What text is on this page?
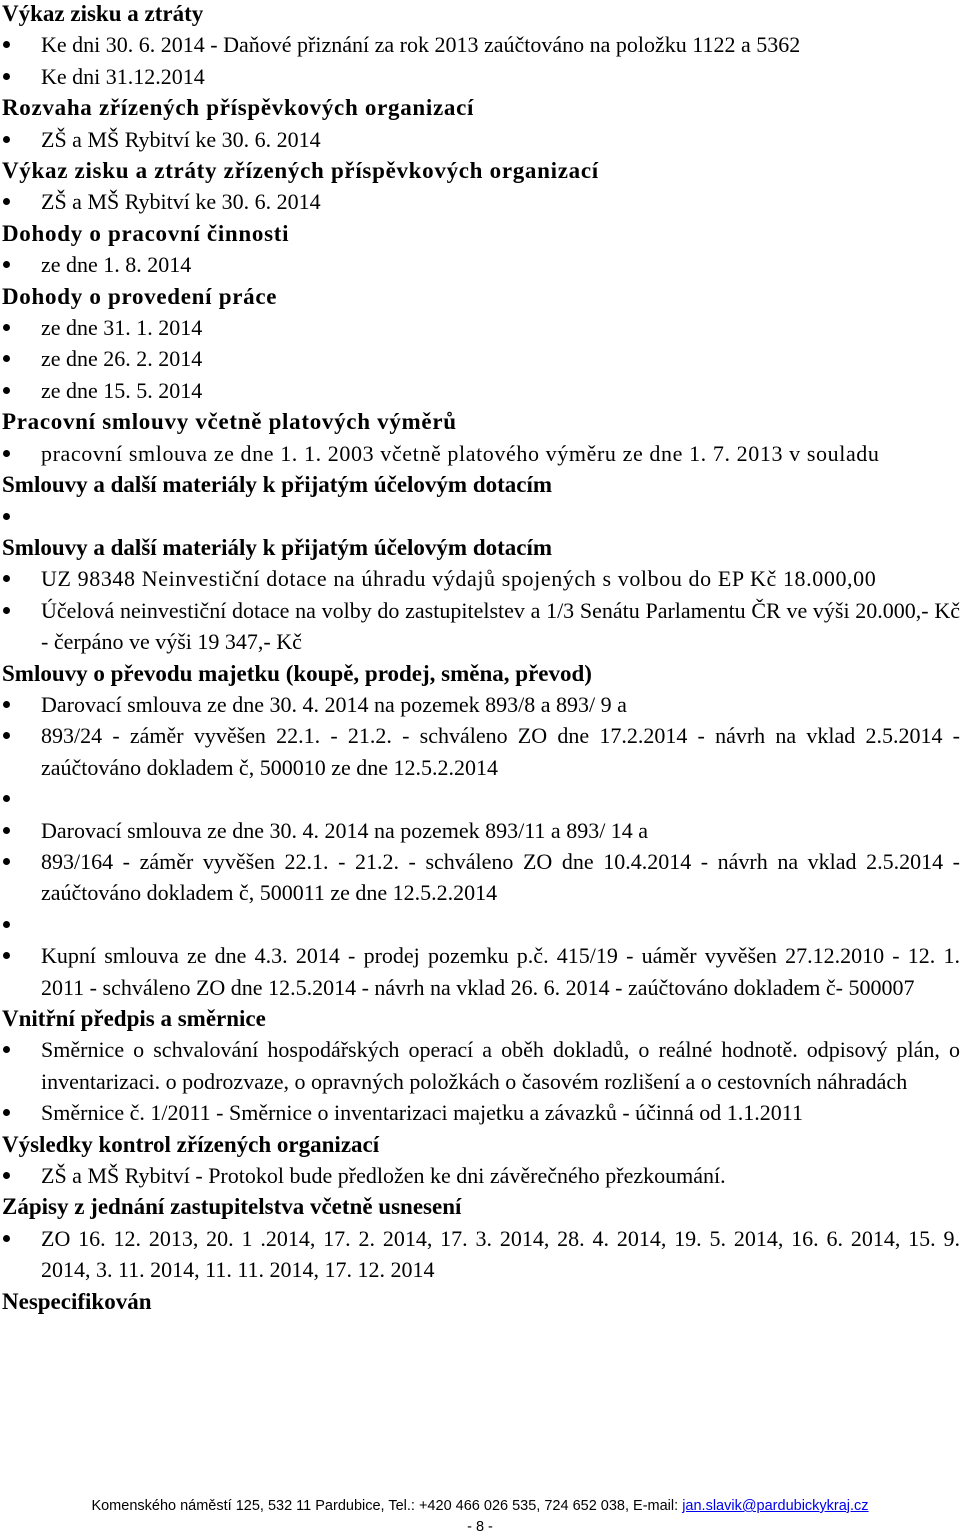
Výkaz zisku a ztráty
Ke dni 30. 6. 2014 - Daňové přiznání za rok 2013 zaúčtováno na položku 1122 a 5362
Ke dni 31.12.2014
Rozvaha zřízených příspěvkových organizací
ZŠ a MŠ Rybitví ke 30. 6. 2014
Výkaz zisku a ztráty zřízených příspěvkových organizací
ZŠ a MŠ Rybitví ke 30. 6. 2014
Dohody o pracovní činnosti
ze dne 1. 8. 2014
Dohody o provedení práce
ze dne 31. 1. 2014
ze dne 26. 2. 2014
ze dne 15. 5. 2014
Pracovní smlouvy včetně platových výměrů
pracovní smlouva ze dne 1. 1. 2003 včetně platového výměru ze dne 1. 7. 2013 v souladu
Smlouvy a další materiály k přijatým účelovým dotacím
Smlouvy a další materiály k přijatým účelovým dotacím
UZ 98348 Neinvestiční dotace na úhradu výdajů spojených s volbou do EP Kč 18.000,00
Účelová neinvestiční dotace na volby do zastupitelstev a 1/3 Senátu Parlamentu ČR ve výši 20.000,- Kč - čerpáno ve výši 19 347,- Kč
Smlouvy o převodu majetku (koupě, prodej, směna, převod)
Darovací smlouva ze dne 30. 4. 2014 na pozemek 893/8 a 893/ 9 a
893/24 - záměr vyvěšen 22.1. - 21.2. - schváleno ZO dne 17.2.2014 - návrh na vklad 2.5.2014 - zaúčtováno dokladem č, 500010 ze dne 12.5.2.2014
Darovací smlouva ze dne 30. 4. 2014 na pozemek 893/11 a 893/ 14 a
893/164 - záměr vyvěšen 22.1. - 21.2. - schváleno ZO dne 10.4.2014 - návrh na vklad 2.5.2014 - zaúčtováno dokladem č, 500011 ze dne 12.5.2.2014
Kupní smlouva ze dne 4.3. 2014 - prodej pozemku p.č. 415/19 - uáměr vyvěšen 27.12.2010 - 12. 1. 2011 - schváleno ZO dne 12.5.2014 - návrh na vklad 26. 6. 2014 - zaúčtováno dokladem č- 500007
Vnitřní předpis a směrnice
Směrnice o schvalování hospodářských operací a oběh dokladů, o reálné hodnotě. odpisový plán, o inventarizaci. o podrozvaze, o opravných položkách o časovém rozlišení a o cestovních náhradách
Směrnice č. 1/2011 - Směrnice o inventarizaci majetku a závazků - účinná od 1.1.2011
Výsledky kontrol zřízených organizací
ZŠ a MŠ Rybitví - Protokol bude předložen ke dni závěrečného přezkoumání.
Zápisy z jednání zastupitelstva včetně usnesení
ZO 16. 12. 2013, 20. 1 .2014, 17. 2. 2014, 17. 3. 2014, 28. 4. 2014, 19. 5. 2014, 16. 6. 2014, 15. 9. 2014, 3. 11. 2014, 11. 11. 2014, 17. 12. 2014
Nespecifikován
Komenského náměstí 125, 532 11 Pardubice, Tel.: +420 466 026 535, 724 652 038, E-mail: jan.slavik@pardubickykraj.cz
- 8 -
